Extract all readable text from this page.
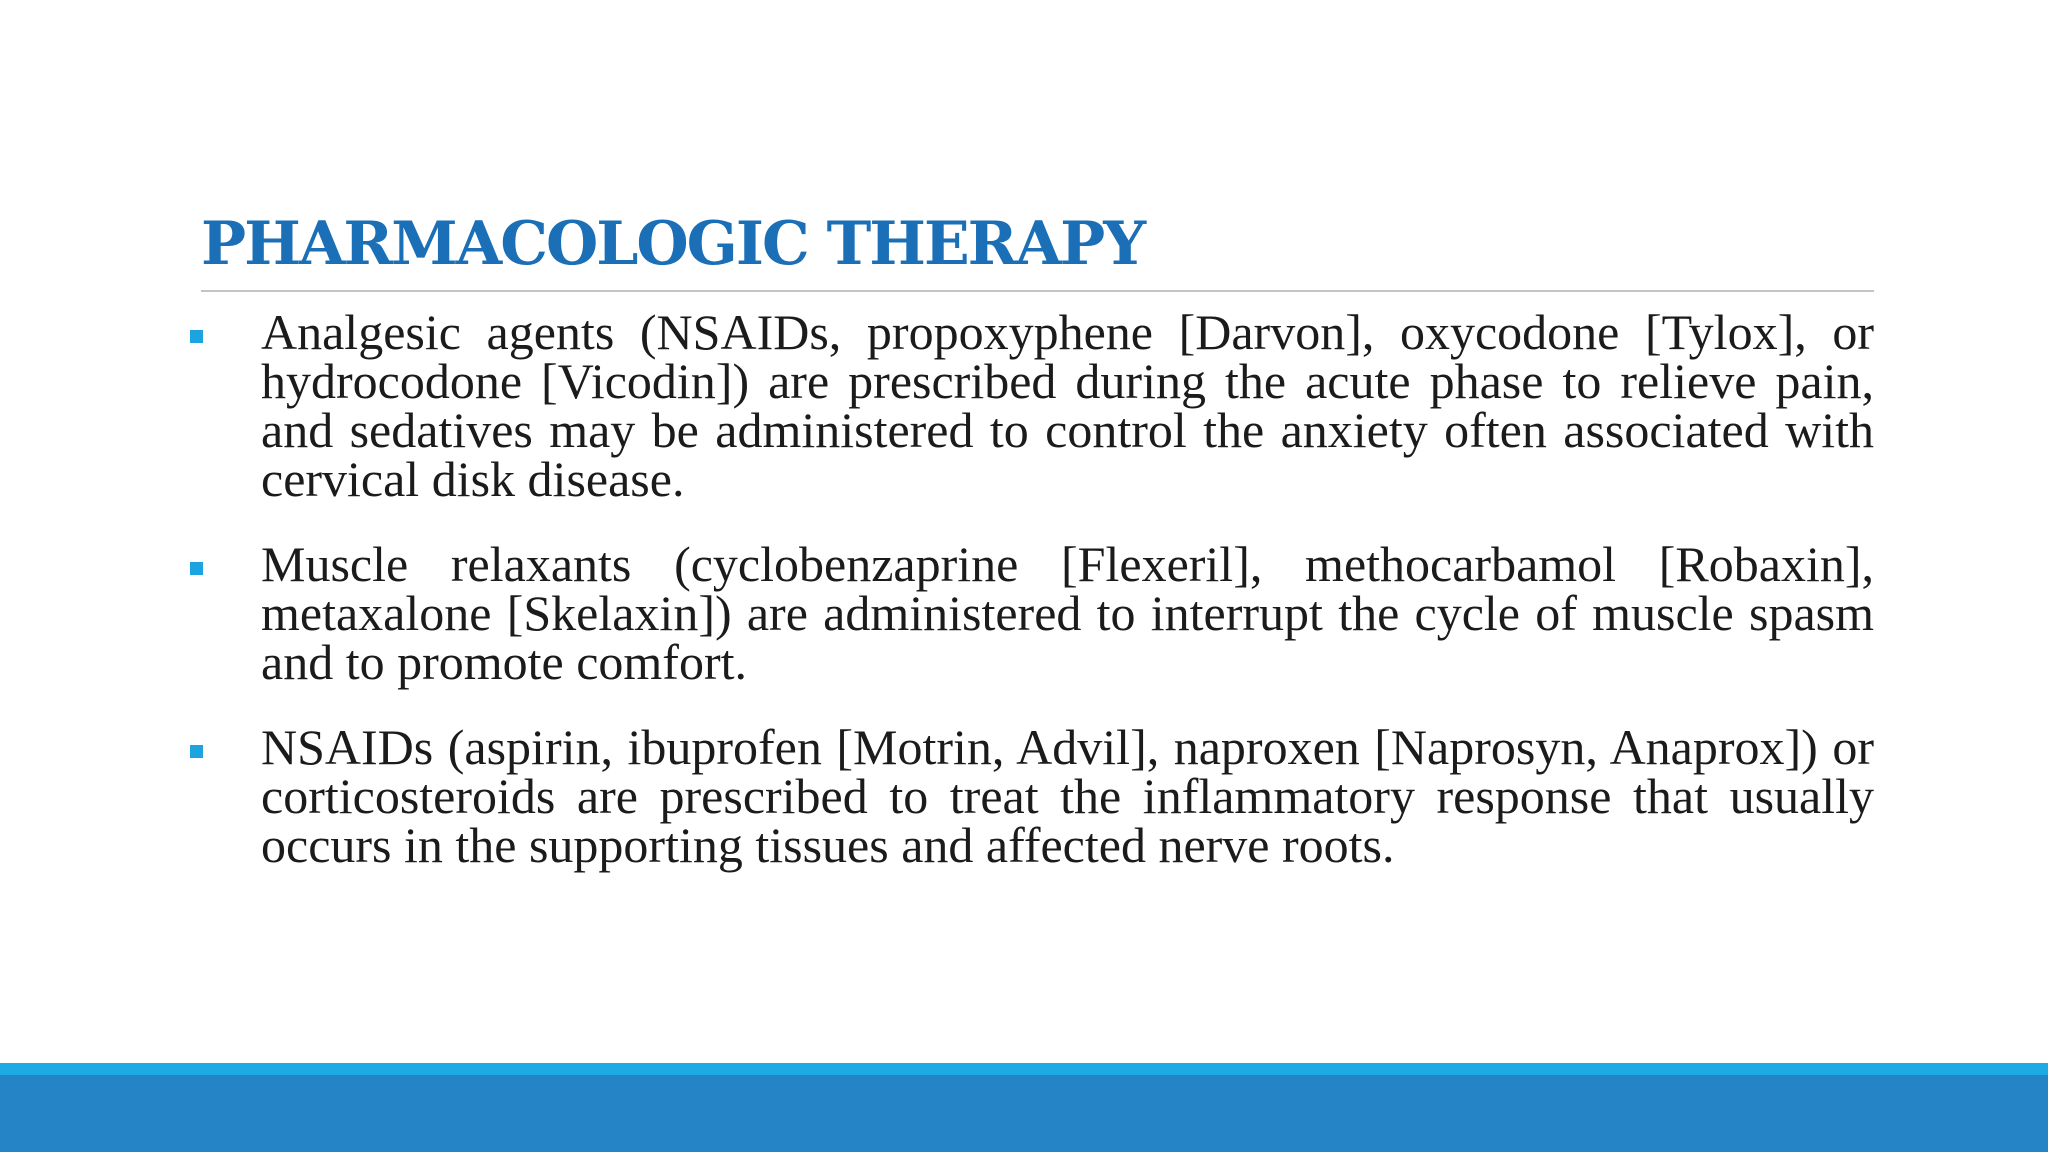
PHARMACOLOGIC THERAPY
Analgesic agents (NSAIDs, propoxyphene [Darvon], oxycodone [Tylox], or hydrocodone [Vicodin]) are prescribed during the acute phase to relieve pain, and sedatives may be administered to control the anxiety often associated with cervical disk disease.
Muscle relaxants (cyclobenzaprine [Flexeril], methocarbamol [Robaxin], metaxalone [Skelaxin]) are administered to interrupt the cycle of muscle spasm and to promote comfort.
NSAIDs (aspirin, ibuprofen [Motrin, Advil], naproxen [Naprosyn, Anaprox]) or corticosteroids are prescribed to treat the inflammatory response that usually occurs in the supporting tissues and affected nerve roots.
